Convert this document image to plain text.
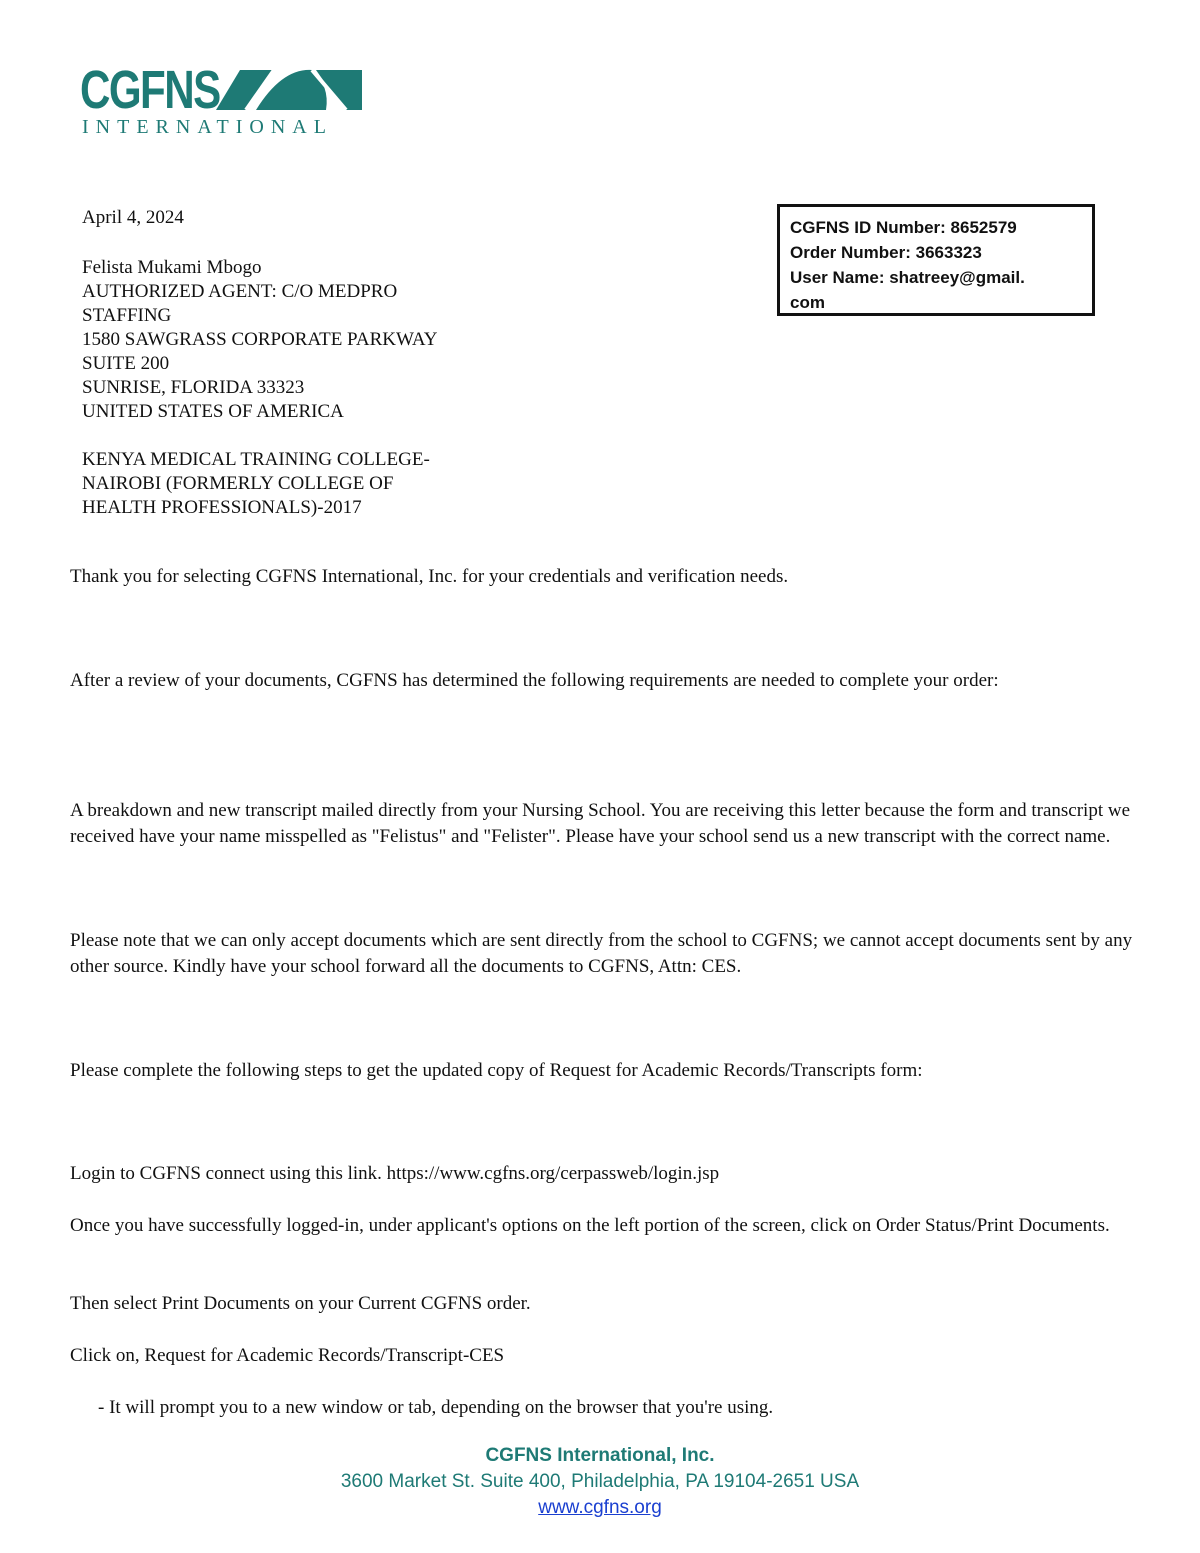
CGFNS
INTERNATIONAL
April 4, 2024
Felista Mukami Mbogo
AUTHORIZED AGENT: C/O MEDPRO
STAFFING
1580 SAWGRASS CORPORATE PARKWAY
SUITE 200
SUNRISE, FLORIDA 33323
UNITED STATES OF AMERICA
KENYA MEDICAL TRAINING COLLEGE-
NAIROBI (FORMERLY COLLEGE OF
HEALTH PROFESSIONALS)-2017
CGFNS ID Number: 8652579
Order Number: 3663323
User Name: shatreey@gmail.
com
Thank you for selecting CGFNS International, Inc. for your credentials and verification needs.
After a review of your documents, CGFNS has determined the following requirements are needed to complete your order:
A breakdown and new transcript mailed directly from your Nursing School. You are receiving this letter because the form and transcript we received have your name misspelled as "Felistus" and "Felister". Please have your school send us a new transcript with the correct name.
Please note that we can only accept documents which are sent directly from the school to CGFNS; we cannot accept documents sent by any other source. Kindly have your school forward all the documents to CGFNS, Attn: CES.
Please complete the following steps to get the updated copy of Request for Academic Records/Transcripts form:
Login to CGFNS connect using this link. https://www.cgfns.org/cerpassweb/login.jsp
Once you have successfully logged-in, under applicant's options on the left portion of the screen, click on Order Status/Print Documents.
Then select Print Documents on your Current CGFNS order.
Click on, Request for Academic Records/Transcript-CES
- It will prompt you to a new window or tab, depending on the browser that you're using.
CGFNS International, Inc.
3600 Market St. Suite 400, Philadelphia, PA 19104-2651 USA
www.cgfns.org
